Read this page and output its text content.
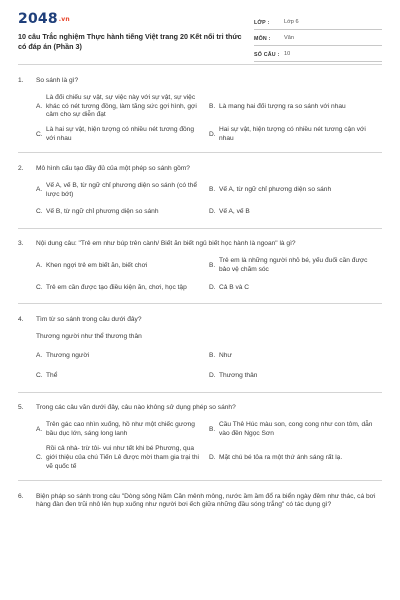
2048.vn
10 câu Trắc nghiệm Thực hành tiếng Việt trang 20 Kết nối tri thức có đáp án (Phần 3)
LỚP :	Lớp 6
MÔN :	Văn
SỐ CÂU : 10
1.	So sánh là gì?
A.
Là đối chiếu sự vật, sự việc này với sự vật, sự việc khác có nét tương đồng, làm tăng sức gợi hình, gợi cảm cho sự diễn đạt
B. Là mang hai đối tượng ra so sánh với nhau
C.
Là hai sự vật, hiện tượng có nhiều nét tương đồng với nhau
D.
Hai sự vật, hiện tượng có nhiều nét tương cận với nhau
2.	Mô hình cấu tạo đầy đủ của một phép so sánh gồm?
A.
Vế A, vế B, từ ngữ chỉ phương diện so sánh (có thể lược bớt)
B. Vế A, từ ngữ chỉ phương diện so sánh
C. Vế B, từ ngữ chỉ phương diện so sánh	D. Vế A, vế B
3.	Nội dung câu: "Trẻ em như búp trên cành/ Biết ăn biết ngủ biết học hành là ngoan" là gì?
A. Khen ngợi trẻ em biết ăn, biết chơi	B.
Trẻ em là những người nhỏ bé, yếu đuối cần được bảo vệ chăm sóc
C. Trẻ em cần được tạo điều kiện ăn, chơi, học tập	D. Cả B và C
4.	Tìm từ so sánh trong câu dưới đây?
Thương người như thể thương thân
A. Thương người	B. Như
C. Thể	D. Thương thân
5.	Trong các câu văn dưới đây, câu nào không sử dụng phép so sánh?
A.
Trên gác cao nhìn xuống, hồ như một chiếc gương bầu dục lớn, sáng long lanh
B.
Cầu Thê Húc màu son, cong cong như con tôm, dẫn vào đền Ngọc Sơn
C.
Rồi cả nhà- trừ tôi- vui như tết khi bé Phương, qua giới thiệu của chú Tiến Lê được mời tham gia trại thi vẽ quốc tế
D. Mặt chú bé tỏa ra một thứ ánh sáng rất lạ.
6.	Biện pháp so sánh trong câu "Dòng sông Năm Căn mênh mông, nước ầm ầm đổ ra biển ngày đêm như thác, cá bơi hàng đàn đen trũi nhô lên hụp xuống như người bơi ếch giữa những đầu sóng trắng" có tác dụng gì?
